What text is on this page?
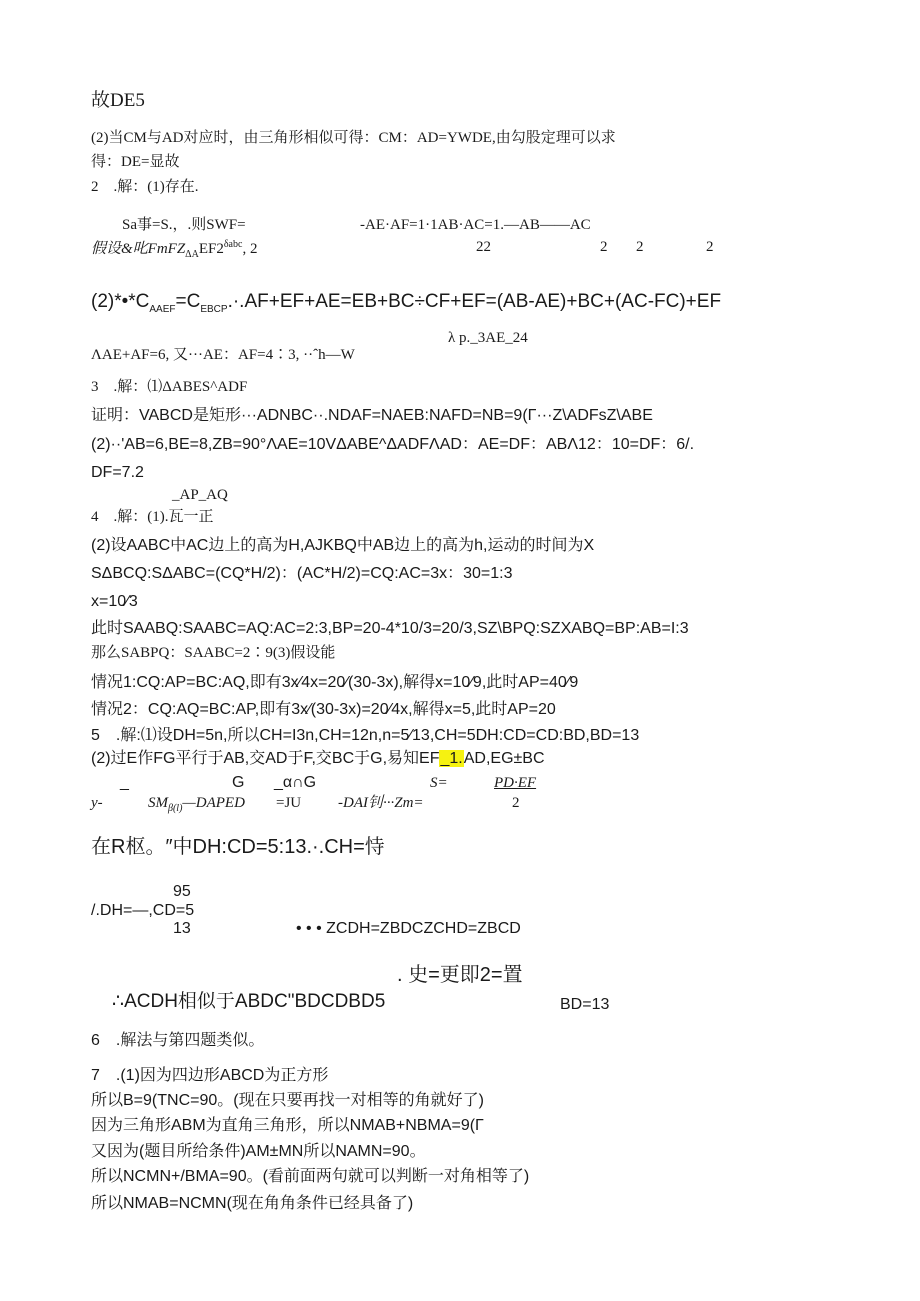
故DE5
(2)当CM与AD对应时，由三角形相似可得：CM：AD=YWDE,由勾股定理可以求
得：DE=显故
2　.解：(1)存在.
Sa事=S.，.则SWF=	-AE·AF=1·1AB·AC=1.—AB——AC
假设&叱$FmFZ_{\Delta A}EF2^{\delta abc}$, 2	22	2 2	2
$(2)*•*C_{AAEF}=C_{EBCP}.\cdot.AF+EF+AE=EB+BC\div CF+EF=(AB-AE)+BC+(AC-FC)+EF$
λ p._3AE_24
ΛAE+AF=6, 又···AE：AF=4∶3, ··ˆh—W
3　.解：⑴ΔABES^ADF
证明：VABCD是矩形···ADNBC··.NDAF=NAEB:NAFD=NB=9(Γ···Z\ADFsZ\ABE
(2)··'AB=6,BE=8,ZB=90°ΛAE=10VΔABE^ΔADFΛAD：AE=DF：ABΛ12：10=DF：6/.
DF=7.2
_AP_AQ
4　.解：(1).瓦一正
(2)设AABC中AC边上的高为H,AJKBQ中AB边上的高为h,运动的时间为X
SΔBCQ:SΔABC=(CQ*H/2)：(AC*H/2)=CQ:AC=3x：30=1:3
x=10⁄3
此时SAABQ:SAABC=AQ:AC=2:3,BP=20-4*10/3=20/3,SZ\BPQ:SZXABQ=BP:AB=I:3
那么SABPQ：SAABC=2∶9(3)假设能
情况1:CQ:AP=BC:AQ,即有3x⁄4x=20⁄(30-3x),解得x=10⁄9,此时AP=40⁄9
情况2：CQ:AQ=BC:AP,即有3x⁄(30-3x)=20⁄4x,解得x=5,此时AP=20
5　.解:⑴设DH=5n,所以CH=I3n,CH=12n,n=5⁄13,CH=5DH:CD=CD:BD,BD=13
(2)过E作FG平行于AB,交AD于F,交BC于G,易知EF_1.AD,EG±BC
_	G _α∩G	S=	PD·EF
y-	$SM_{\beta(l)}—DAPED =JU$ -DAI钊···Zm=	2
在R枢。″中DH:CD=5:13.·.CH=恃
95
/.DH=—,CD=5
13	• • • ZCDH=ZBDCZCHD=ZBCD
. 史=更即2=置
∴ACDH相似于ABDC"BDCDBD5	BD=13
6　.解法与第四题类似。
7　.(1)因为四边形ABCD为正方形
所以B=9(TNC=90。(现在只要再找一对相等的角就好了)
因为三角形ABM为直角三角形，所以NMAB+NBMA=9(Γ
又因为(题目所给条件)AM±MN所以NAMN=90。
所以NCMN+/BMA=90。(看前面两句就可以判断一对角相等了)
所以NMAB=NCMN(现在角角条件已经具备了)
